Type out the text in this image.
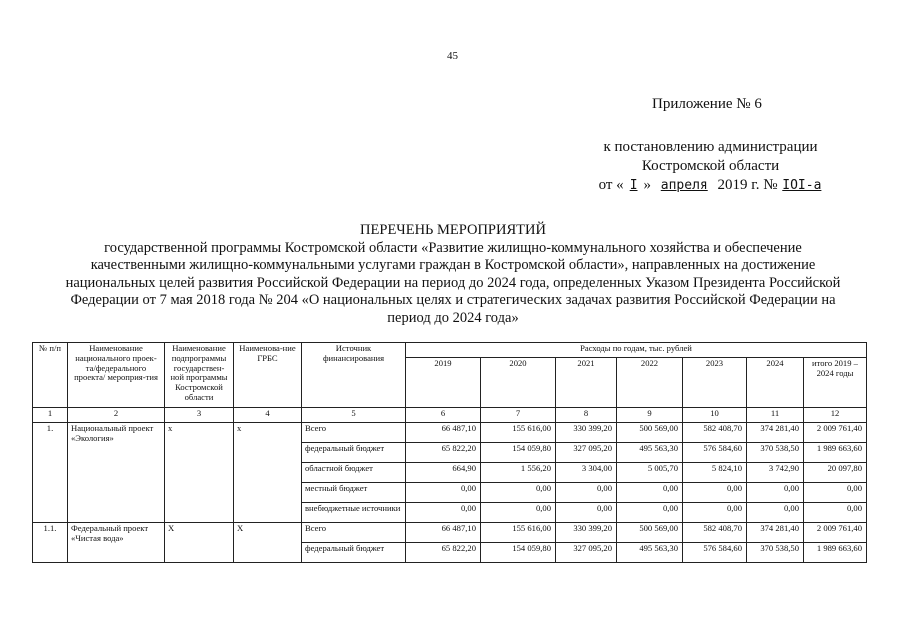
45
Приложение № 6
к постановлению администрации
Костромской области
от « I » апреля 2019 г. № IOI-а
ПЕРЕЧЕНЬ МЕРОПРИЯТИЙ
государственной программы Костромской области «Развитие жилищно-коммунального хозяйства и обеспечение качественными жилищно-коммунальными услугами граждан в Костромской области», направленных на достижение национальных целей развития Российской Федерации на период до 2024 года, определенных Указом Президента Российской Федерации от 7 мая 2018 года № 204 «О национальных целях и стратегических задачах развития Российской Федерации на период до 2024 года»
№ п/п	Наименование национального проек-та/федерального проекта/ мероприя-тия	Наименование подпрограммы государствен-ной программы Костромской области	Наименова-ние ГРБС	Источник финансирования	Расходы по годам, тыс. рублей						
					2019	2020	2021	2022	2023	2024	итого 2019 – 2024 годы
1	2	3	4	5	6	7	8	9	10	11	12
1.	Национальный проект «Экология»	х	х	Всего	66 487,10	155 616,00	330 399,20	500 569,00	582 408,70	374 281,40	2 009 761,40
				федеральный бюджет	65 822,20	154 059,80	327 095,20	495 563,30	576 584,60	370 538,50	1 989 663,60
				областной бюджет	664,90	1 556,20	3 304,00	5 005,70	5 824,10	3 742,90	20 097,80
				местный бюджет	0,00	0,00	0,00	0,00	0,00	0,00	0,00
				внебюджетные источники	0,00	0,00	0,00	0,00	0,00	0,00	0,00
1.1.	Федеральный проект «Чистая вода»	Х	Х	Всего	66 487,10	155 616,00	330 399,20	500 569,00	582 408,70	374 281,40	2 009 761,40
				федеральный бюджет	65 822,20	154 059,80	327 095,20	495 563,30	576 584,60	370 538,50	1 989 663,60
